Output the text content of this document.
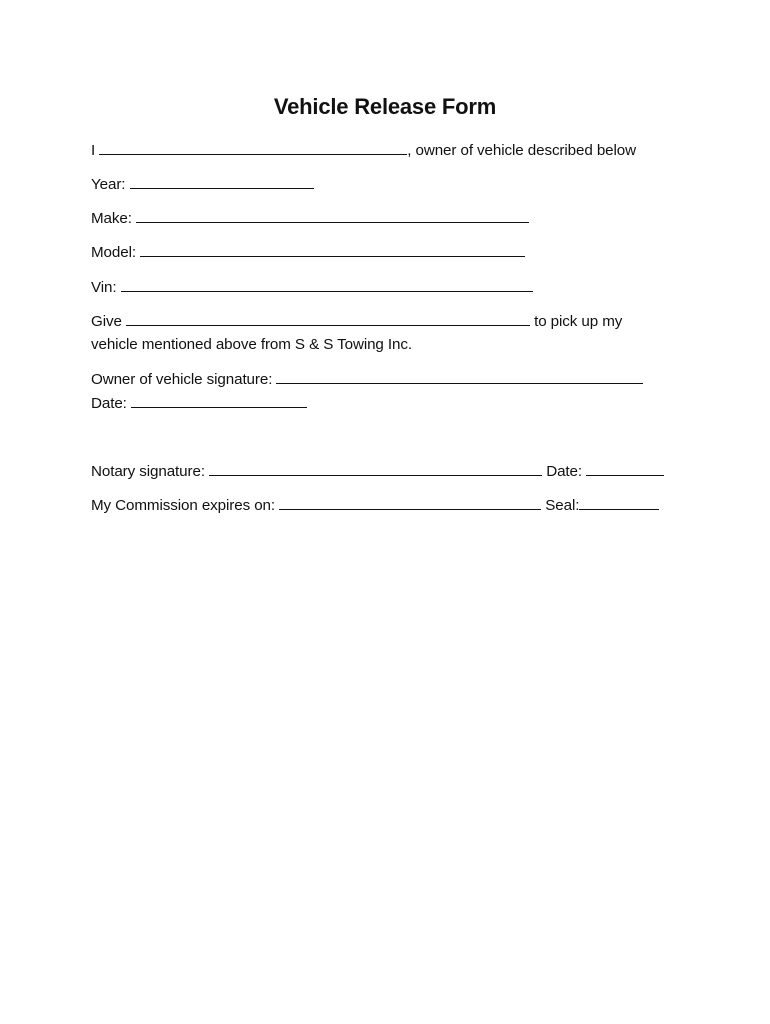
Vehicle Release Form
I	, owner of vehicle described below
Year:
Make:
Model:
Vin:
Give	to pick up my
vehicle mentioned above from S & S Towing Inc.
Owner of vehicle signature:
Date:
Notary signature:	Date:
My Commission expires on:	Seal:
